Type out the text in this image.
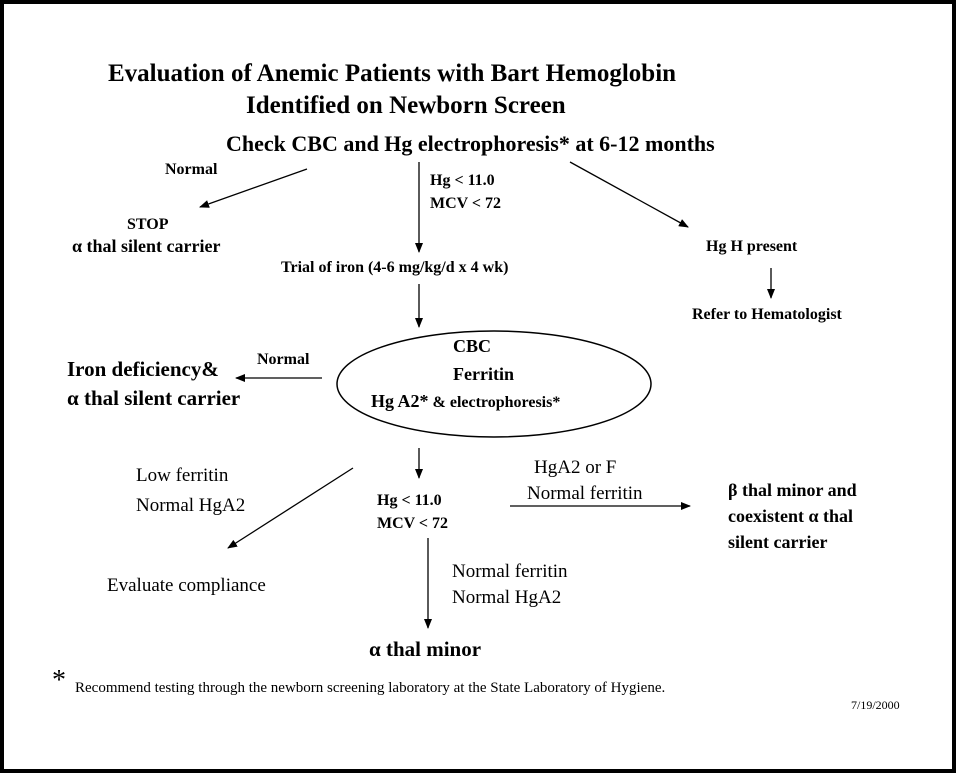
Evaluation of Anemic Patients with Bart Hemoglobin
Identified on Newborn Screen
Check CBC and Hg electrophoresis* at 6-12 months
Normal
STOP
α thal silent carrier
Hg < 11.0
MCV < 72
Trial of iron (4-6 mg/kg/d x 4 wk)
Hg H present
Refer to Hematologist
CBC
Ferritin
Hg A2* & electrophoresis*
Normal
Iron deficiency&
α thal silent carrier
Low ferritin
Normal HgA2
Evaluate compliance
Hg < 11.0
MCV < 72
HgA2 or F
Normal ferritin	β thal minor and
coexistent α thal
silent carrier
Normal ferritin
Normal HgA2
α thal minor
* Recommend testing through the newborn screening laboratory at the State Laboratory of Hygiene.
7/19/2000
